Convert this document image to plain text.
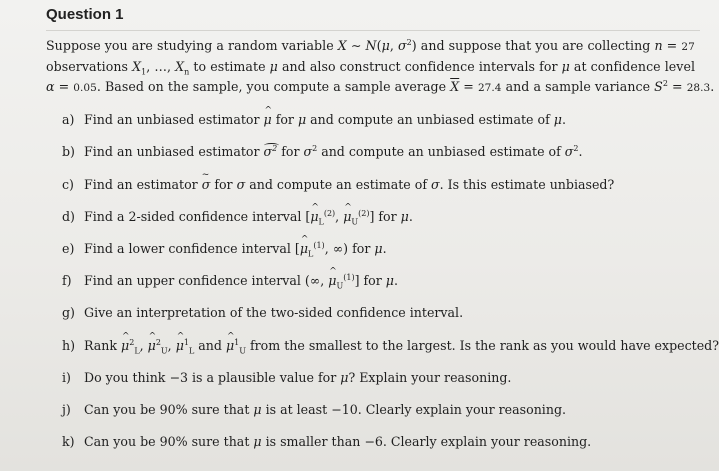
Question 1
Suppose you are studying a random variable X ∼ N(μ, $\sigma^2$) and suppose that you are collecting n = 27
observations $X_1$, …, $X_n$ to estimate μ and also construct confidence intervals for μ at confidence level
α = 0.05. Based on the sample, you compute a sample average $\overline{X} = 27.4$ and a sample variance $S^2 = 28.3$.
a) Find an unbiased estimator ^ μ for μ and compute an unbiased estimate of μ.
b) Find an unbiased estimator $\sigma^2$ for $\sigma^2$ and compute an unbiased estimate of $\sigma^2$.
c) Find an estimator ~ σ for σ and compute an estimate of σ. Is this estimate unbiased?
d) Find a 2-sided confidence interval [^ $\mu_L^{(2)}$, ^ $\mu_U^{(2)}$] for μ.
e) Find a lower confidence interval [^ $\mu_L^{(1)}$, ∞) for μ.
f) Find an upper confidence interval (∞, ^ $\mu_U^{(1)}$] for μ.
g) Give an interpretation of the two-sided confidence interval.
h) Rank ^ $\mu^2_L$, ^ $\mu^2_U$, ^ $\mu^1_L$ and ^ $\mu^1_U$ from the smallest to the largest. Is the rank as you would have expected?
i) Do you think −3 is a plausible value for μ? Explain your reasoning.
j) Can you be 90% sure that μ is at least −10. Clearly explain your reasoning.
k) Can you be 90% sure that μ is smaller than −6. Clearly explain your reasoning.
